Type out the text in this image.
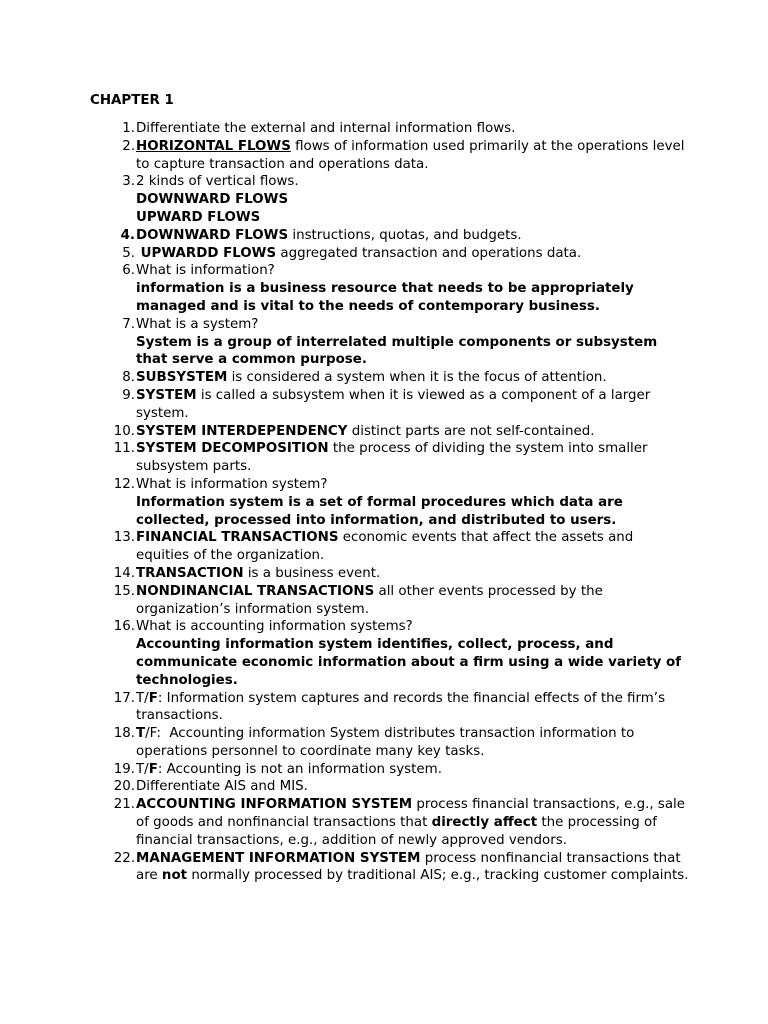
CHAPTER 1

1. Differentiate the external and internal information flows.
2. HORIZONTAL FLOWS flows of information used primarily at the operations level to capture transaction and operations data.
3. 2 kinds of vertical flows.
DOWNWARD FLOWS
UPWARD FLOWS
4. DOWNWARD FLOWS instructions, quotas, and budgets.
5. UPWARDD FLOWS aggregated transaction and operations data.
6. What is information?
information is a business resource that needs to be appropriately managed and is vital to the needs of contemporary business.
7. What is a system?
System is a group of interrelated multiple components or subsystem that serve a common purpose.
8. SUBSYSTEM is considered a system when it is the focus of attention.
9. SYSTEM is called a subsystem when it is viewed as a component of a larger system.
10. SYSTEM INTERDEPENDENCY distinct parts are not self-contained.
11. SYSTEM DECOMPOSITION the process of dividing the system into smaller subsystem parts.
12. What is information system?
Information system is a set of formal procedures which data are collected, processed into information, and distributed to users.
13. FINANCIAL TRANSACTIONS economic events that affect the assets and equities of the organization.
14. TRANSACTION is a business event.
15. NONDINANCIAL TRANSACTIONS all other events processed by the organization’s information system.
16. What is accounting information systems?
Accounting information system identifies, collect, process, and communicate economic information about a firm using a wide variety of technologies.
17. T/F: Information system captures and records the financial effects of the firm’s transactions.
18. T/F:  Accounting information System distributes transaction information to operations personnel to coordinate many key tasks.
19. T/F: Accounting is not an information system.
20. Differentiate AIS and MIS.
21. ACCOUNTING INFORMATION SYSTEM process financial transactions, e.g., sale of goods and nonfinancial transactions that directly affect the processing of financial transactions, e.g., addition of newly approved vendors.
22. MANAGEMENT INFORMATION SYSTEM process nonfinancial transactions that are not normally processed by traditional AIS; e.g., tracking customer complaints.
